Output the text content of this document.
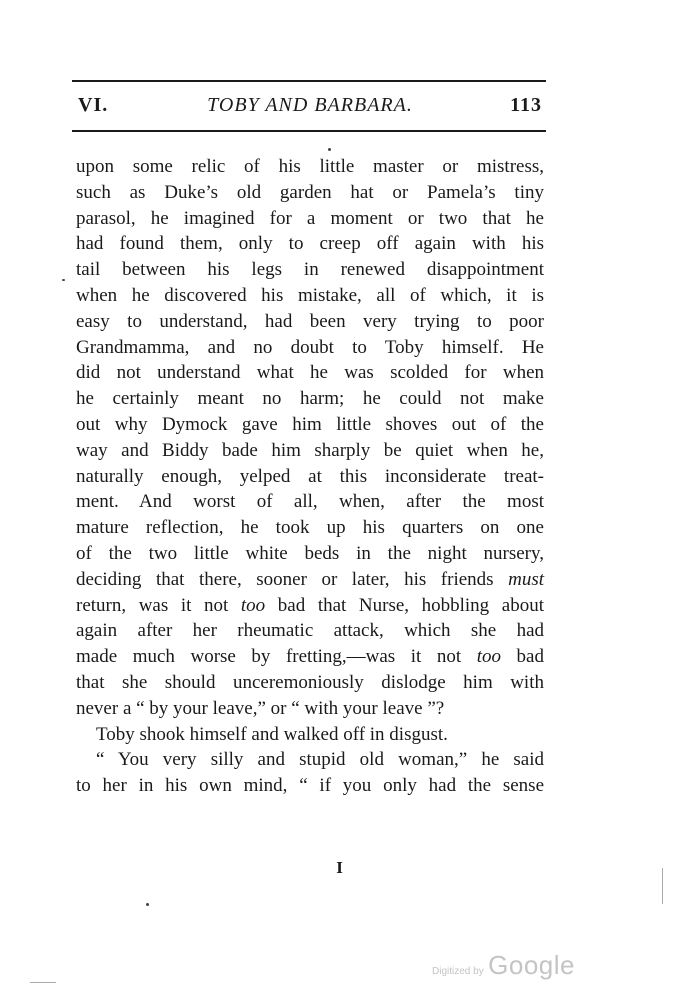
VI.	TOBY AND BARBARA.	113
upon some relic of his little master or mistress,
such as Duke’s old garden hat or Pamela’s tiny
parasol, he imagined for a moment or two that he
had found them, only to creep off again with his
tail between his legs in renewed disappointment
when he discovered his mistake, all of which, it is
easy to understand, had been very trying to poor
Grandmamma, and no doubt to Toby himself. He
did not understand what he was scolded for when
he certainly meant no harm; he could not make
out why Dymock gave him little shoves out of the
way and Biddy bade him sharply be quiet when he,
naturally enough, yelped at this inconsiderate treat-
ment. And worst of all, when, after the most
mature reflection, he took up his quarters on one
of the two little white beds in the night nursery,
deciding that there, sooner or later, his friends must
return, was it not too bad that Nurse, hobbling about
again after her rheumatic attack, which she had
made much worse by fretting,—was it not too bad
that she should unceremoniously dislodge him with
never a “ by your leave,” or “ with your leave ”?
Toby shook himself and walked off in disgust.
“ You very silly and stupid old woman,” he said
to her in his own mind, “ if you only had the sense
I
Digitized by Google
